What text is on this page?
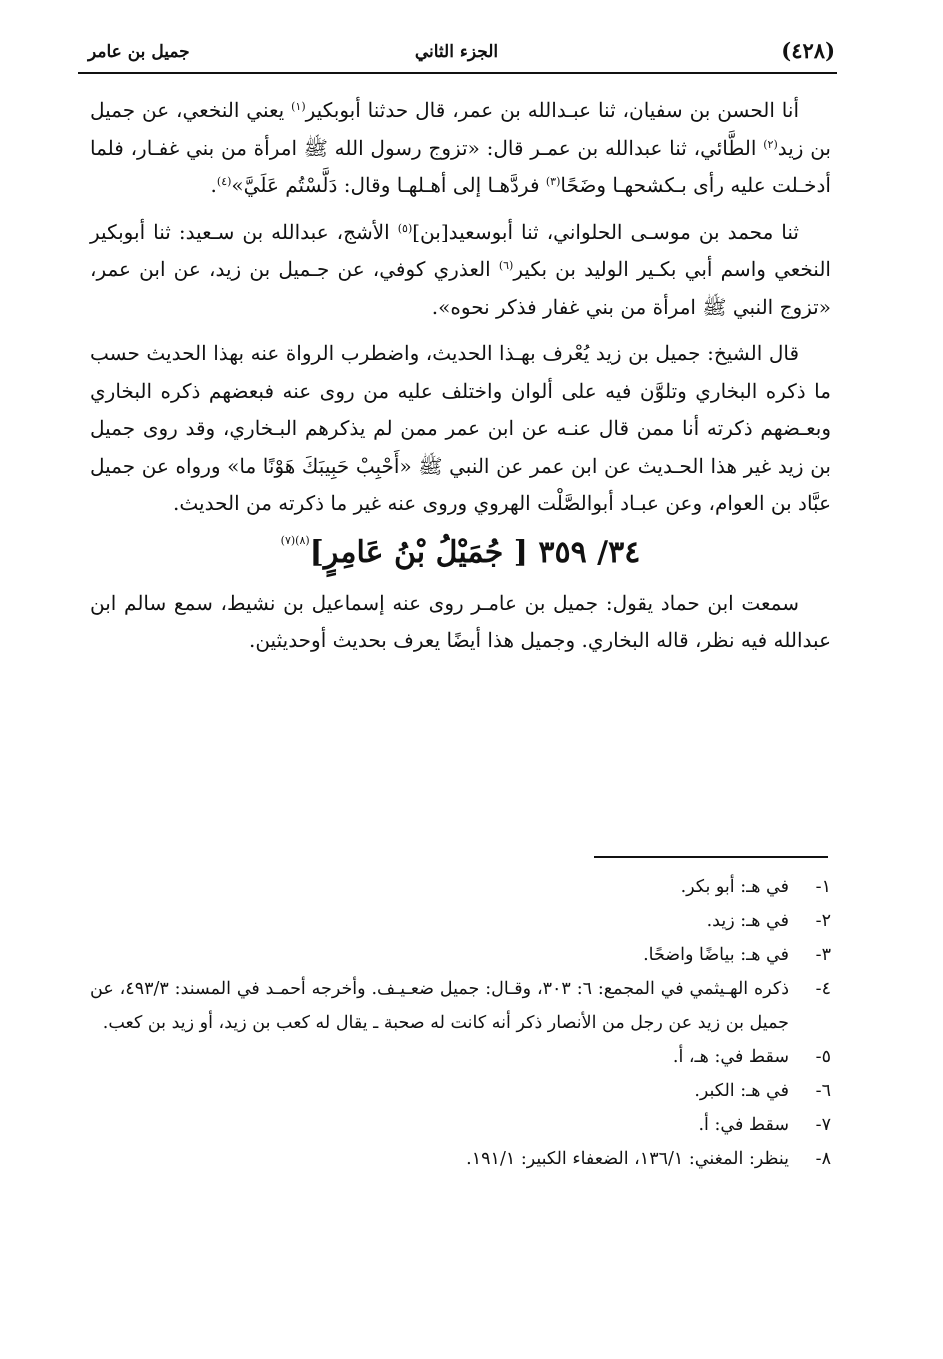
جميل بن عامر	الجزء الثاني	(٤٢٨)

أنا الحسن بن سفيان، ثنا عبـدالله بن عمر، قال حدثنا أبوبكير$^{(١)}$ يعني النخعي، عن جميل بن زيد$^{(٢)}$ الطَّائي، ثنا عبدالله بن عمـر قال: «تزوج رسول الله ﷺ امرأة من بني غفـار، فلما أدخـلت عليه رأى بـكشحهـا وضَحًا$^{(٣)}$ فردَّهـا إلى أهـلهـا وقال: دَلَّسْتُم عَلَيَّ»$^{(٤)}$.

ثنا محمد بن موسـى الحلواني، ثنا أبوسعيد[بن]$^{(٥)}$ الأشج، عبدالله بن سـعيد: ثنا أبوبكير النخعي واسم أبي بكـير الوليد بن بكير$^{(٦)}$ العذري كوفي، عن جـميل بن زيد، عن ابن عمر، «تزوج النبي ﷺ امرأة من بني غفار فذكر نحوه».

قال الشيخ: جميل بن زيد يُعْرف بهـذا الحديث، واضطرب الرواة عنه بهذا الحديث حسب ما ذكره البخاري وتلوَّن فيه على ألوان واختلف عليه من روى عنه فبعضهم ذكره البخاري وبعـضهم ذكرته أنا ممن قال عنـه عن ابن عمر ممن لم يذكرهم البـخاري، وقد روى جميل بن زيد غير هذا الحـديث عن ابن عمر عن النبي ﷺ «أَحْبِبْ حَبِيبَكَ هَوْنًا ما» ورواه عن جميل عبَّاد بن العوام، وعن عبـاد أبوالصَّلْت الهروي وروى عنه غير ما ذكرته من الحديث.

٣٤/ ٣٥٩ [ جُمَيْلُ بْنُ عَامِرٍ]$^{(٨)(٧)}$

سمعت ابن حماد يقول: جميل بن عامـر روى عنه إسماعيل بن نشيط، سمع سالم ابن عبدالله فيه نظر، قاله البخاري. وجميل هذا أيضًا يعرف بحديث أوحديثين.

١-
في هـ: أبو بكر.
٢-
في هـ: زيد.
٣-
في هـ: بياضًا واضحًا.
٤-
ذكره الهـيثمي في المجمع: ٦: ٣٠٣، وقـال: جميل ضعـيـف. وأخرجه أحمـد في المسند: ٤٩٣/٣، عن جميل بن زيد عن رجل من الأنصار ذكر أنه كانت له صحبة ـ يقال له كعب بن زيد، أو زيد بن كعب.
٥-
سقط في: هـ، أ.
٦-
في هـ: الكبر.
٧-
سقط في: أ.
٨-
ينظر: المغني: ١٣٦/١، الضعفاء الكبير: ١٩١/١.
